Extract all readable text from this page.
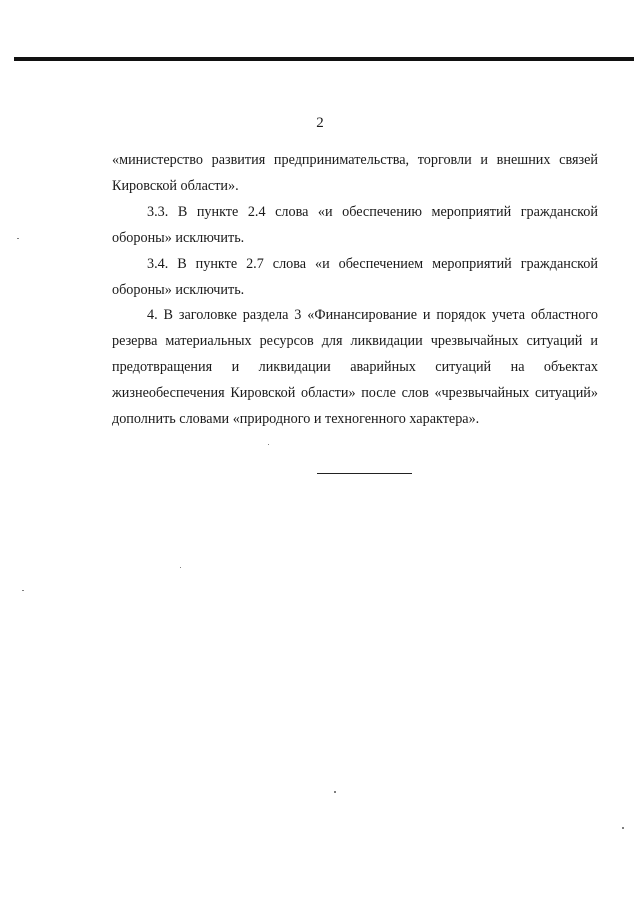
2

«министерство развития предпринимательства, торговли и внешних связей Кировской области».

3.3. В пункте 2.4 слова «и обеспечению мероприятий гражданской обороны» исключить.

3.4. В пункте 2.7 слова «и обеспечением мероприятий гражданской обороны» исключить.

4. В заголовке раздела 3 «Финансирование и порядок учета областного резерва материальных ресурсов для ликвидации чрезвычайных ситуаций и предотвращения и ликвидации аварийных ситуаций на объектах жизнеобеспечения Кировской области» после слов «чрезвычайных ситуаций» дополнить словами «природного и техногенного характера».
